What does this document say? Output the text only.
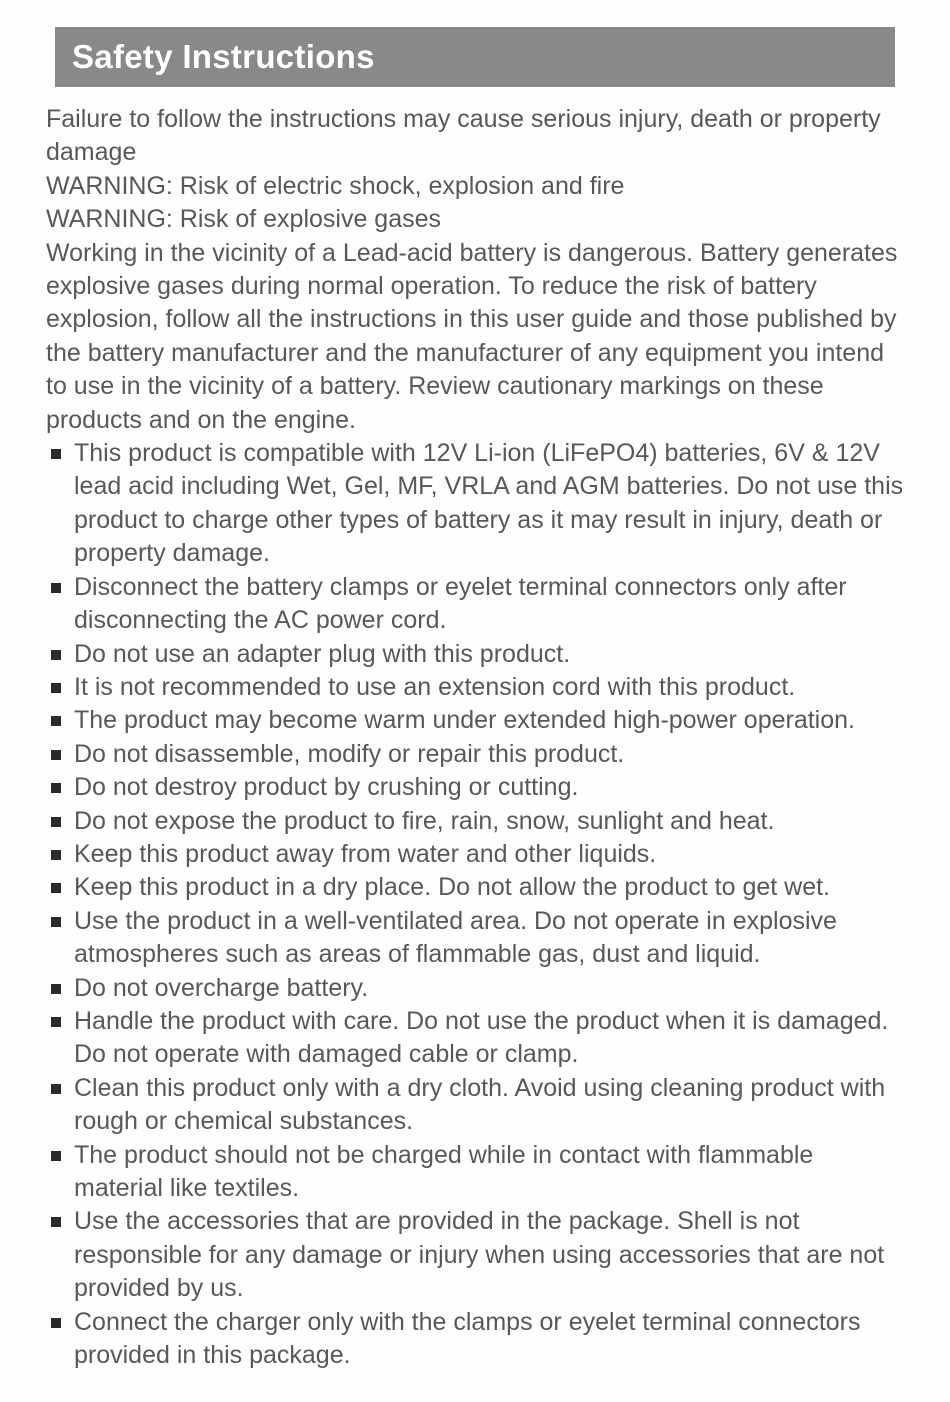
Safety Instructions

Failure to follow the instructions may cause serious injury, death or property damage

WARNING: Risk of electric shock, explosion and fire

WARNING: Risk of explosive gases

Working in the vicinity of a Lead-acid battery is dangerous. Battery generates explosive gases during normal operation. To reduce the risk of battery explosion, follow all the instructions in this user guide and those published by the battery manufacturer and the manufacturer of any equipment you intend to use in the vicinity of a battery. Review cautionary markings on these products and on the engine.

This product is compatible with 12V Li-ion (LiFePO4) batteries, 6V & 12V lead acid including Wet, Gel, MF, VRLA and AGM batteries. Do not use this product to charge other types of battery as it may result in injury, death or property damage.
Disconnect the battery clamps or eyelet terminal connectors only after disconnecting the AC power cord.
Do not use an adapter plug with this product.
It is not recommended to use an extension cord with this product.
The product may become warm under extended high-power operation.
Do not disassemble, modify or repair this product.
Do not destroy product by crushing or cutting.
Do not expose the product to fire, rain, snow, sunlight and heat.
Keep this product away from water and other liquids.
Keep this product in a dry place. Do not allow the product to get wet.
Use the product in a well-ventilated area. Do not operate in explosive atmospheres such as areas of flammable gas, dust and liquid.
Do not overcharge battery.
Handle the product with care. Do not use the product when it is damaged. Do not operate with damaged cable or clamp.
Clean this product only with a dry cloth. Avoid using cleaning product with rough or chemical substances.
The product should not be charged while in contact with flammable material like textiles.
Use the accessories that are provided in the package. Shell is not responsible for any damage or injury when using accessories that are not provided by us.
Connect the charger only with the clamps or eyelet terminal connectors provided in this package.
